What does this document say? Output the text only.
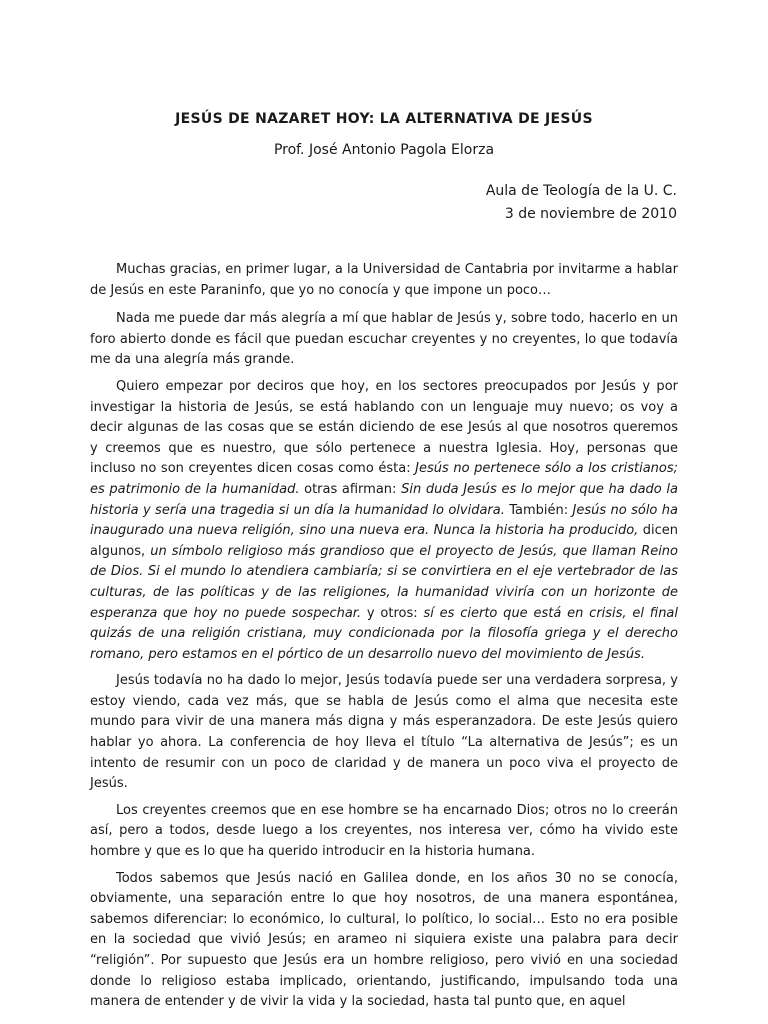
JESÚS DE NAZARET HOY: LA ALTERNATIVA DE JESÚS
Prof. José Antonio Pagola Elorza
Aula de Teología de la U. C.
3 de noviembre de 2010

Muchas gracias, en primer lugar, a la Universidad de Cantabria por invitarme a hablar de Jesús en este Paraninfo, que yo no conocía y que impone un poco…

Nada me puede dar más alegría a mí que hablar de Jesús y, sobre todo, hacerlo en un foro abierto donde es fácil que puedan escuchar creyentes y no creyentes, lo que todavía me da una alegría más grande.

Quiero empezar por deciros que hoy, en los sectores preocupados por Jesús y por investigar la historia de Jesús, se está hablando con un lenguaje muy nuevo; os voy a decir algunas de las cosas que se están diciendo de ese Jesús al que nosotros queremos y creemos que es nuestro, que sólo pertenece a nuestra Iglesia. Hoy, personas que incluso no son creyentes dicen cosas como ésta: Jesús no pertenece sólo a los cristianos; es patrimonio de la humanidad. otras afirman: Sin duda Jesús es lo mejor que ha dado la historia y sería una tragedia si un día la humanidad lo olvidara. También: Jesús no sólo ha inaugurado una nueva religión, sino una nueva era. Nunca la historia ha producido, dicen algunos, un símbolo religioso más grandioso que el proyecto de Jesús, que llaman Reino de Dios. Si el mundo lo atendiera cambiaría; si se convirtiera en el eje vertebrador de las culturas, de las políticas y de las religiones, la humanidad viviría con un horizonte de esperanza que hoy no puede sospechar. y otros: sí es cierto que está en crisis, el final quizás de una religión cristiana, muy condicionada por la filosofía griega y el derecho romano, pero estamos en el pórtico de un desarrollo nuevo del movimiento de Jesús.

Jesús todavía no ha dado lo mejor, Jesús todavía puede ser una verdadera sorpresa, y estoy viendo, cada vez más, que se habla de Jesús como el alma que necesita este mundo para vivir de una manera más digna y más esperanzadora. De este Jesús quiero hablar yo ahora. La conferencia de hoy lleva el título “La alternativa de Jesús”; es un intento de resumir con un poco de claridad y de manera un poco viva el proyecto de Jesús.

Los creyentes creemos que en ese hombre se ha encarnado Dios; otros no lo creerán así, pero a todos, desde luego a los creyentes, nos interesa ver, cómo ha vivido este hombre y que es lo que ha querido introducir en la historia humana.

Todos sabemos que Jesús nació en Galilea donde, en los años 30 no se conocía, obviamente, una separación entre lo que hoy nosotros, de una manera espontánea, sabemos diferenciar: lo económico, lo cultural, lo político, lo social… Esto no era posible en la sociedad que vivió Jesús; en arameo ni siquiera existe una palabra para decir “religión”. Por supuesto que Jesús era un hombre religioso, pero vivió en una sociedad donde lo religioso estaba implicado, orientando, justificando, impulsando toda una manera de entender y de vivir la vida y la sociedad, hasta tal punto que, en aquel
